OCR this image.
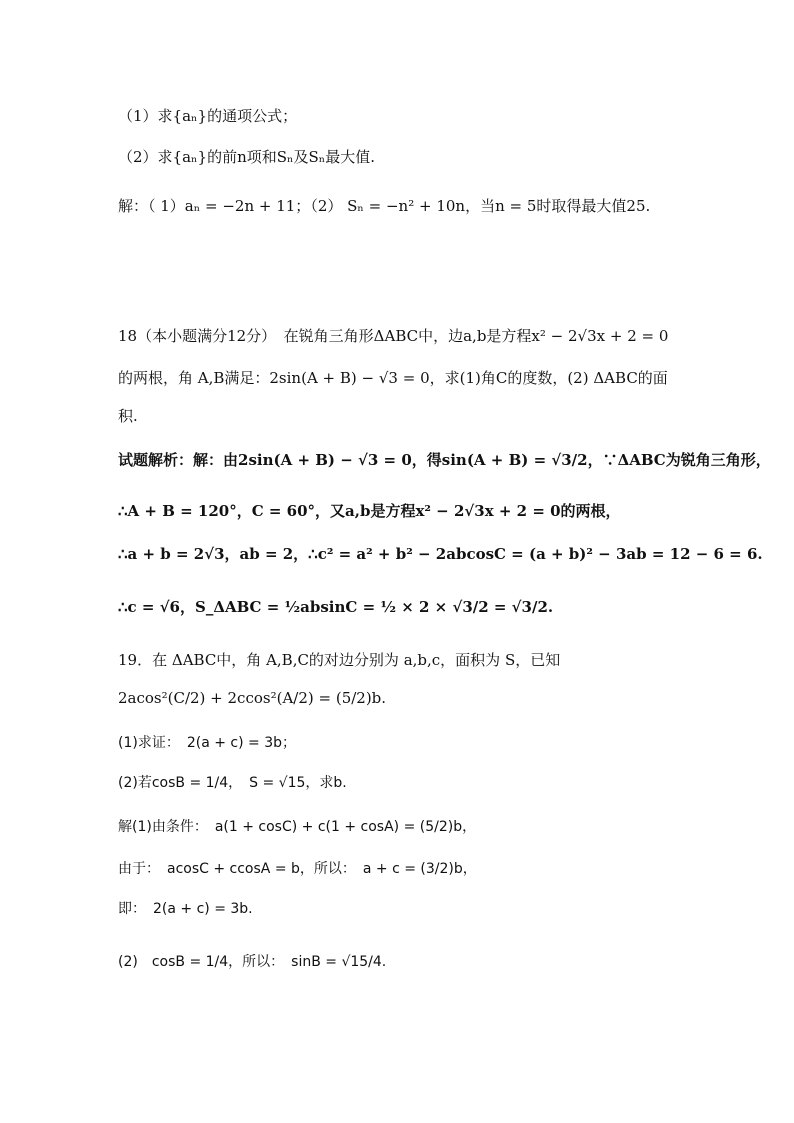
（1）求{aₙ}的通项公式；
（2）求{aₙ}的前n项和Sₙ及Sₙ最大值.
解：（ 1）aₙ = −2n + 11；（2） Sₙ = −n² + 10n，当n = 5时取得最大值25.
18（本小题满分12分）　在锐角三角形ΔABC中，边a,b是方程x² − 2√3x + 2 = 0
的两根，角 A,B满足：2sin(A + B) − √3 = 0，求(1)角C的度数，(2) ΔABC的面
积.
试题解析：解：由2sin(A + B) − √3 = 0，得sin(A + B) = √3/2，∵ΔABC为锐角三角形，
∴A + B = 120°，C = 60°，又a,b是方程x² − 2√3x + 2 = 0的两根，
∴a + b = 2√3，ab = 2，∴c² = a² + b² − 2abcosC = (a + b)² − 3ab = 12 − 6 = 6.
∴c = √6，S_ΔABC = ½absinC = ½ × 2 × √3/2 = √3/2.
19．在 ΔABC中，角 A,B,C的对边分别为 a,b,c，面积为 S，已知
2acos²(C/2) + 2ccos²(A/2) = (5/2)b.
(1)求证：　2(a + c) = 3b；
(2)若cosB = 1/4，　S = √15，求b.
解(1)由条件：　a(1 + cosC) + c(1 + cosA) = (5/2)b，
由于：　acosC + ccosA = b，所以：　a + c = (3/2)b，
即：　2(a + c) = 3b.
(2)　cosB = 1/4，所以：　sinB = √15/4.
